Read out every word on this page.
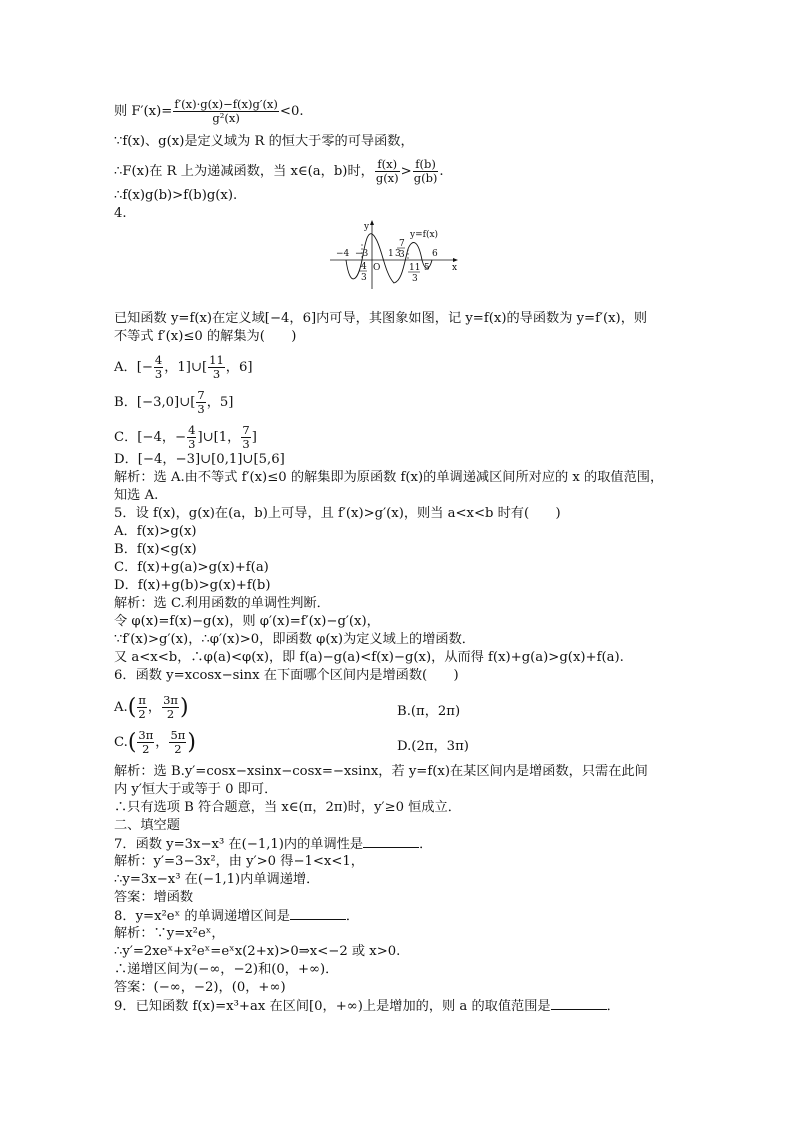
则 $F'(x)= \frac{f'(x)\cdot g(x)-f(x)g'(x)}{\text{g²(x)}} <0$.
∵f(x)、g(x)是定义域为 R 的恒大于零的可导函数，
∴F(x)在 R 上为递减函数，当 x∈(a，b)时， $\frac{f(x)}{g(x)} > \frac{f(b)}{g(b)}$ .
∴f(x)g(b)>f(b)g(x).
4.
y
x
y=f(x)
−4 −3
O
1 3
5
6
4
3
7
3
11
3
已知函数 y=f(x)在定义域[−4，6]内可导，其图象如图，记 y=f(x)的导函数为 y=f′(x)，则
不等式 f′(x)≤0 的解集为(　　)
A．[− $\frac{4}{3}$ ，1]∪[ $\frac{11}{3}$ ，6]
B．[−3,0]∪[ $\frac{7}{3}$ ，5]
C．[−4，− $\frac{4}{3}$ ]∪[1， $\frac{7}{3}$ ]
D．[−4，−3]∪[0,1]∪[5,6]
解析：选 A.由不等式 f′(x)≤0 的解集即为原函数 f(x)的单调递减区间所对应的 x 的取值范围，
知选 A.
5．设 f(x)，g(x)在(a，b)上可导，且 f′(x)>g′(x)，则当 a<x<b 时有(　　)
A．f(x)>g(x)
B．f(x)<g(x)
C．f(x)+g(a)>g(x)+f(a)
D．f(x)+g(b)>g(x)+f(b)
解析：选 C.利用函数的单调性判断．
令 φ(x)=f(x)−g(x)，则 φ′(x)=f′(x)−g′(x)，
∵f′(x)>g′(x)，∴φ′(x)>0，即函数 φ(x)为定义域上的增函数．
又 a<x<b，∴φ(a)<φ(x)，即 f(a)−g(a)<f(x)−g(x)，从而得 f(x)+g(a)>g(x)+f(a).
6．函数 y=xcosx−sinx 在下面哪个区间内是增函数(　　)
$A.( \frac{\pi}{2}$ ， $\frac{3\pi}{2}$ )	B.(π，2π)
$C.( \frac{3\pi}{2}$ ， $\frac{5\pi}{2}$ )	D.(2π，3π)
解析：选 B.y′=cosx−xsinx−cosx=−xsinx，若 y=f(x)在某区间内是增函数，只需在此间
内 y′恒大于或等于 0 即可．
∴只有选项 B 符合题意，当 x∈(π，2π)时，y′≥0 恒成立．
二、填空题
7．函数 y=3x−x³ 在(−1,1)内的单调性是	．
解析：y′=3−3x²，由 y′>0 得−1<x<1，
∴y=3x−x³ 在(−1,1)内单调递增．
答案：增函数
8．y=x²eˣ 的单调递增区间是	．
解析：∵y=x²eˣ，
∴y′=2xeˣ+x²eˣ=eˣx(2+x)>0⇒x<−2 或 x>0.
∴递增区间为(−∞，−2)和(0，+∞)．
答案：(−∞，−2)，(0，+∞)
9．已知函数 f(x)=x³+ax 在区间[0，+∞)上是增加的，则 a 的取值范围是	．
